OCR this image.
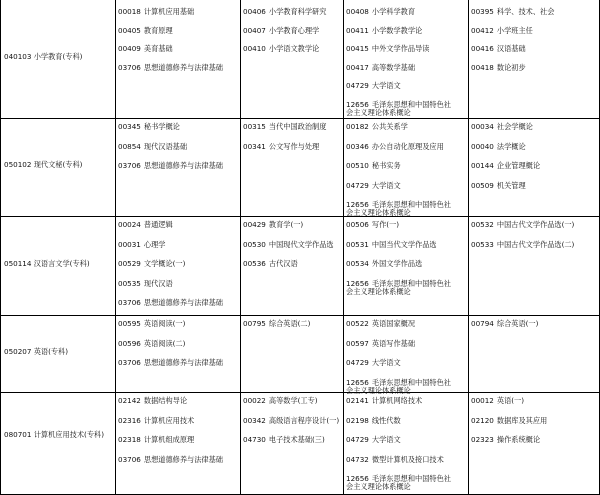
040103 小学教育(专科)
00018 计算机应用基础
00405 教育原理
00409 美育基础
03706 思想道德修养与法律基础
00406 小学教育科学研究
00407 小学教育心理学
00410 小学语文教学论
00408 小学科学教育
00411 小学数学教学论
00415 中外文学作品导读
00417 高等数学基础
04729 大学语文
12656 毛泽东思想和中国特色社会主义理论体系概论
00395 科学、技术、社会
00412 小学班主任
00416 汉语基础
00418 数论初步
050102 现代文秘(专科)
00345 秘书学概论
00854 现代汉语基础
03706 思想道德修养与法律基础
00315 当代中国政治制度
00341 公文写作与处理
00182 公共关系学
00346 办公自动化原理及应用
00510 秘书实务
04729 大学语文
12656 毛泽东思想和中国特色社会主义理论体系概论
00034 社会学概论
00040 法学概论
00144 企业管理概论
00509 机关管理
050114 汉语言文学(专科)
00024 普通逻辑
00031 心理学
00529 文学概论(一)
00535 现代汉语
03706 思想道德修养与法律基础
00429 教育学(一)
00530 中国现代文学作品选
00536 古代汉语
00506 写作(一)
00531 中国当代文学作品选
00534 外国文学作品选
12656 毛泽东思想和中国特色社会主义理论体系概论
00532 中国古代文学作品选(一)
00533 中国古代文学作品选(二)
050207 英语(专科)
00595 英语阅读(一)
00596 英语阅读(二)
03706 思想道德修养与法律基础
00795 综合英语(二)	00522 英语国家概况
00597 英语写作基础
04729 大学语文
12656 毛泽东思想和中国特色社会主义理论体系概论
00794 综合英语(一)
080701 计算机应用技术(专科)
02142 数据结构导论
02316 计算机应用技术
02318 计算机组成原理
03706 思想道德修养与法律基础
00022 高等数学(工专)
00342 高级语言程序设计(一)
04730 电子技术基础(三)
02141 计算机网络技术
02198 线性代数
04729 大学语文
04732 微型计算机及接口技术
12656 毛泽东思想和中国特色社会主义理论体系概论
00012 英语(一)
02120 数据库及其应用
02323 操作系统概论
